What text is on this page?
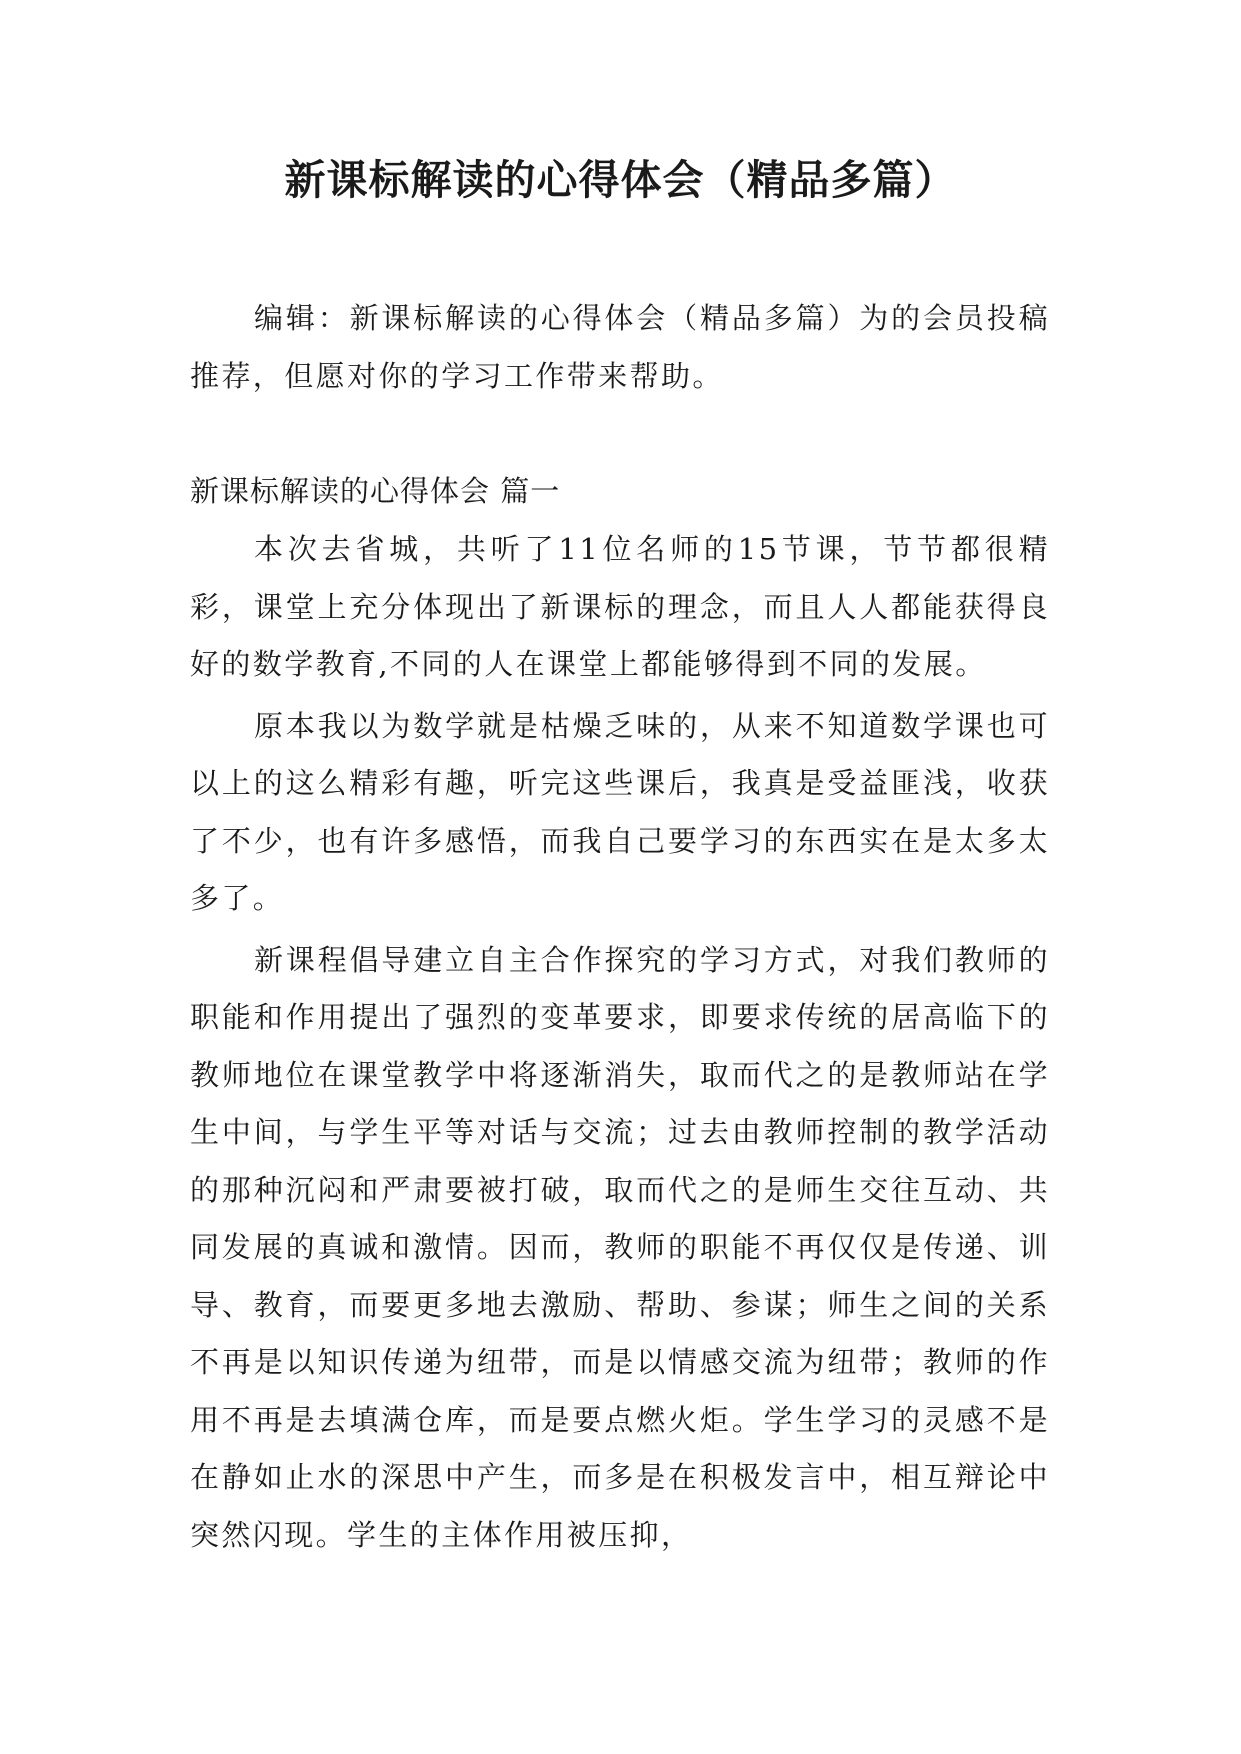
新课标解读的心得体会（精品多篇）

编辑：新课标解读的心得体会（精品多篇）为的会员投稿推荐，但愿对你的学习工作带来帮助。

新课标解读的心得体会 篇一

本次去省城，共听了11位名师的15节课，节节都很精彩，课堂上充分体现出了新课标的理念，而且人人都能获得良好的数学教育,不同的人在课堂上都能够得到不同的发展。

原本我以为数学就是枯燥乏味的，从来不知道数学课也可以上的这么精彩有趣，听完这些课后，我真是受益匪浅，收获了不少，也有许多感悟，而我自己要学习的东西实在是太多太多了。

新课程倡导建立自主合作探究的学习方式，对我们教师的职能和作用提出了强烈的变革要求，即要求传统的居高临下的教师地位在课堂教学中将逐渐消失，取而代之的是教师站在学生中间，与学生平等对话与交流；过去由教师控制的教学活动的那种沉闷和严肃要被打破，取而代之的是师生交往互动、共同发展的真诚和激情。因而，教师的职能不再仅仅是传递、训导、教育，而要更多地去激励、帮助、参谋；师生之间的关系不再是以知识传递为纽带，而是以情感交流为纽带；教师的作用不再是去填满仓库，而是要点燃火炬。学生学习的灵感不是在静如止水的深思中产生，而多是在积极发言中，相互辩论中突然闪现。学生的主体作用被压抑，
